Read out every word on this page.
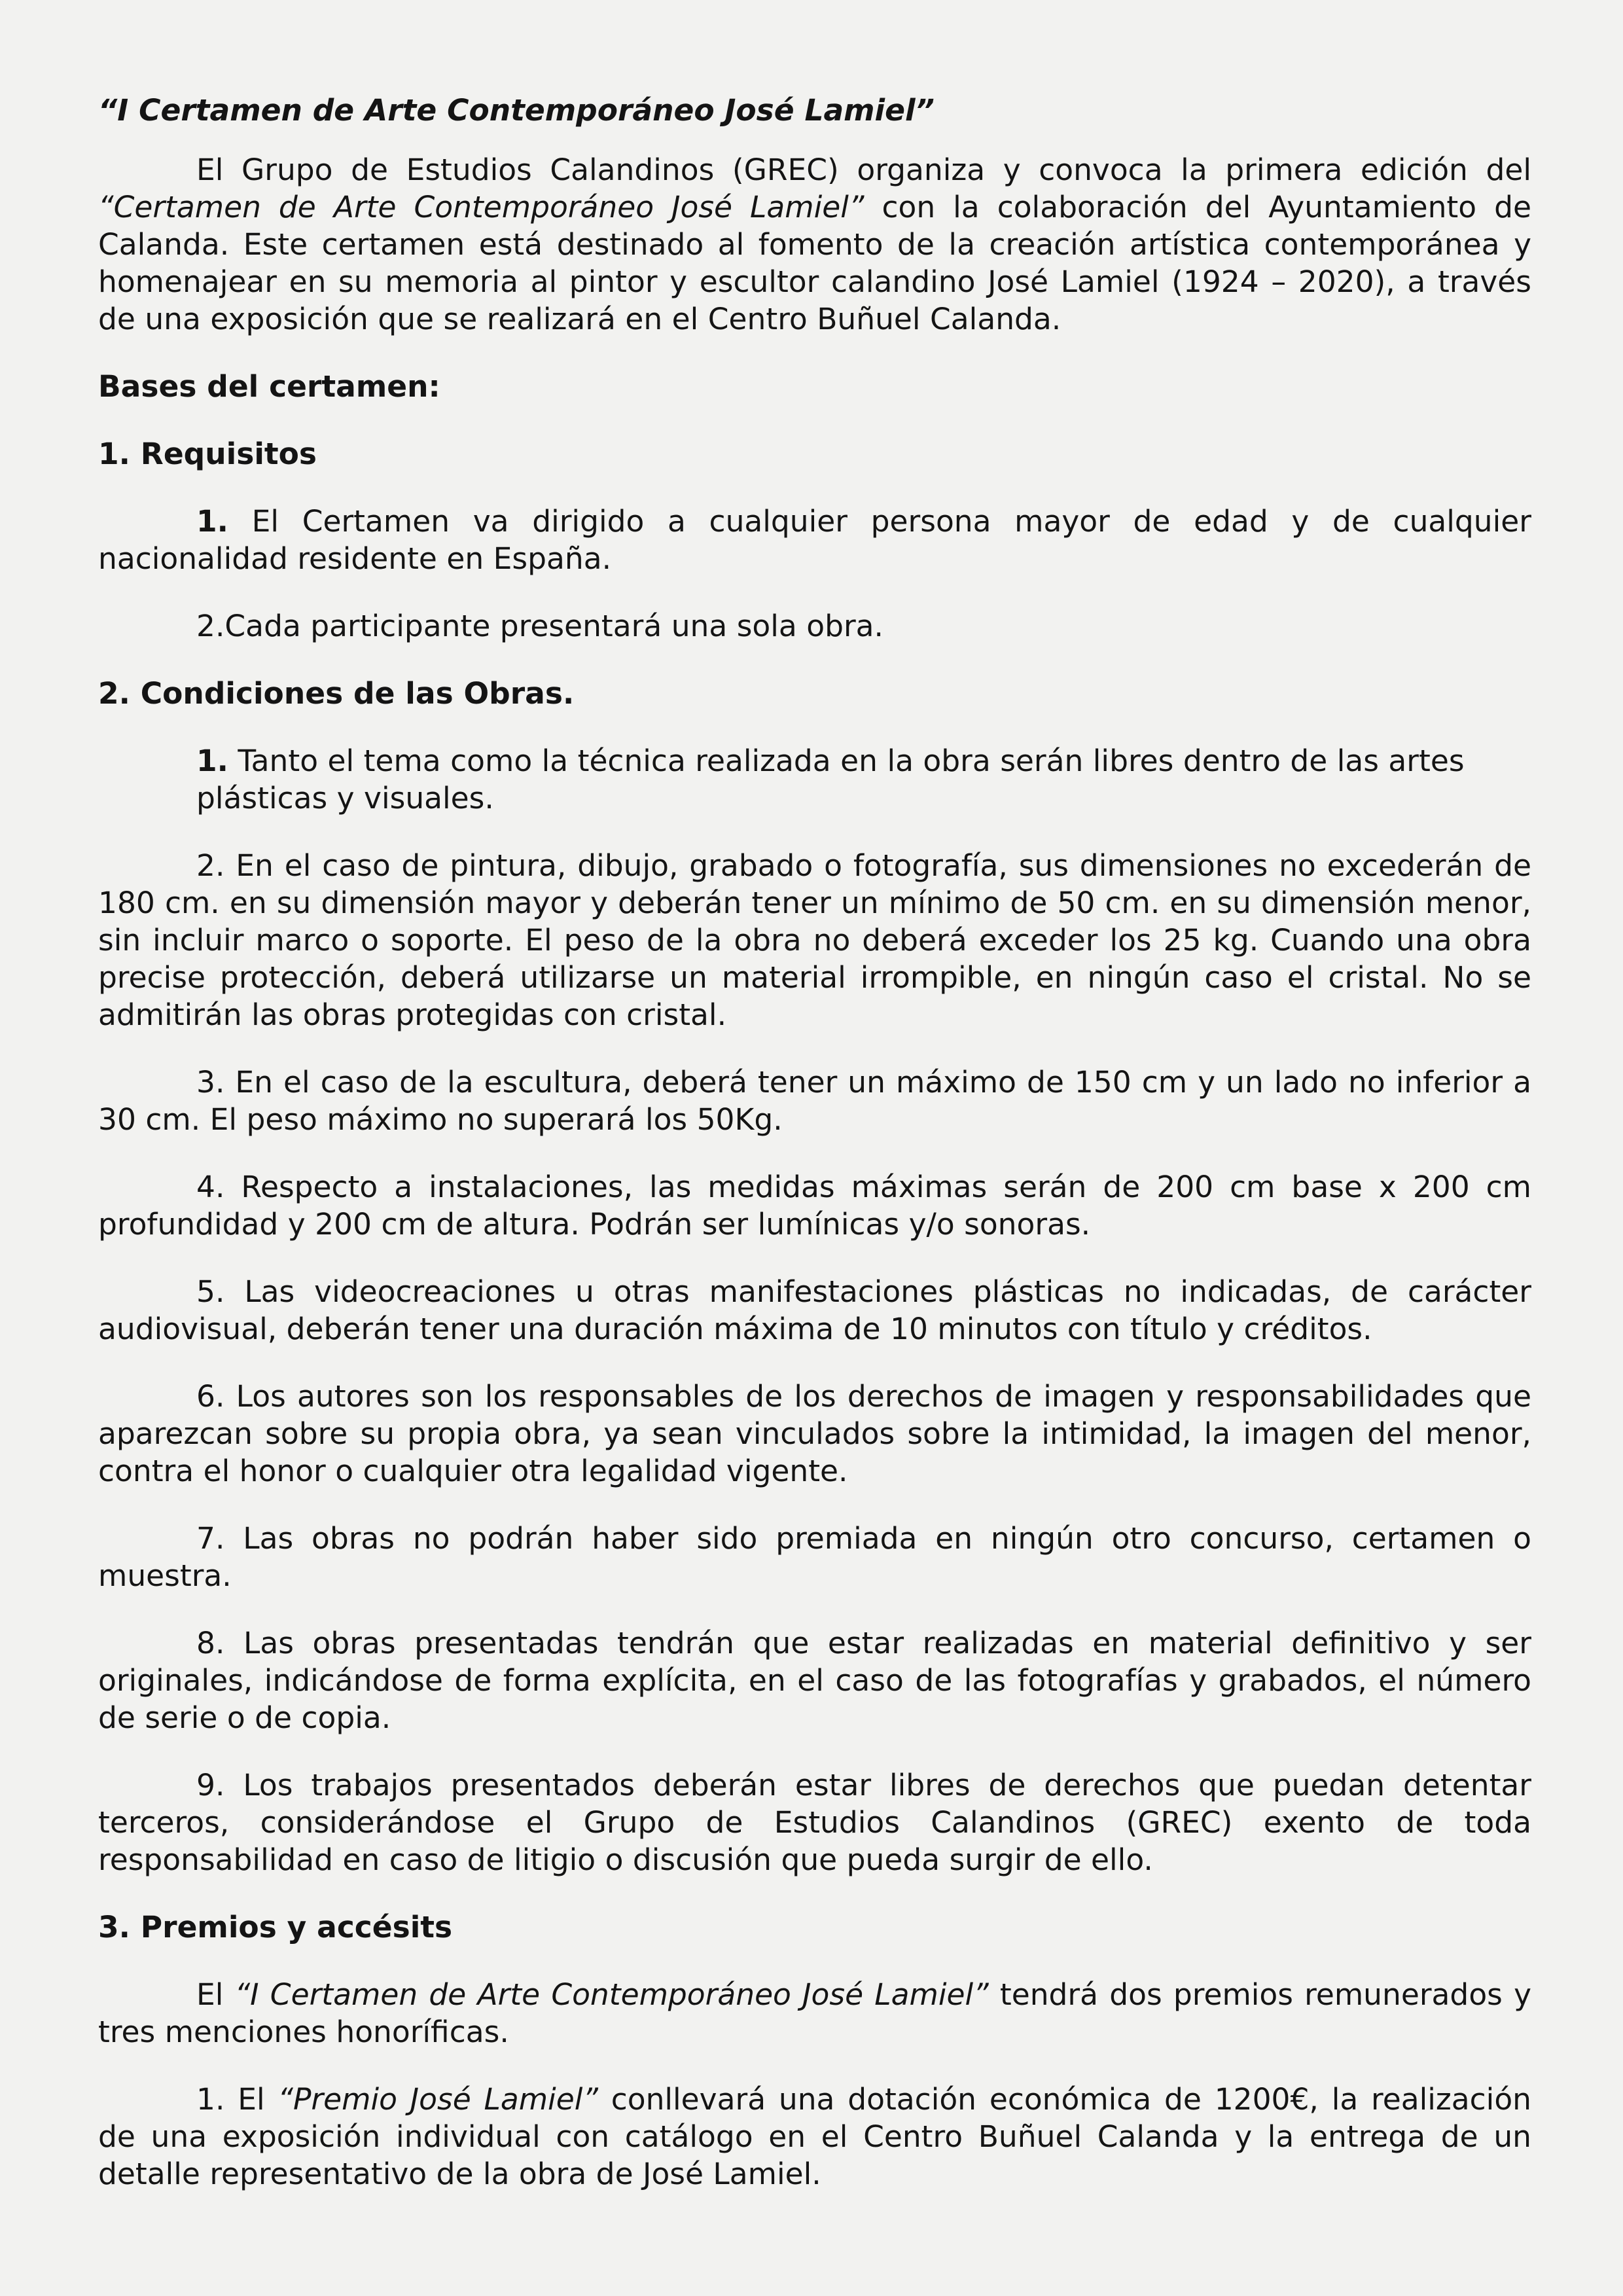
“I Certamen de Arte Contemporáneo José Lamiel”

El Grupo de Estudios Calandinos (GREC) organiza y convoca la primera edición del “Certamen de Arte Contemporáneo José Lamiel” con la colaboración del Ayuntamiento de Calanda. Este certamen está destinado al fomento de la creación artística contemporánea y homenajear en su memoria al pintor y escultor calandino José Lamiel (1924 – 2020), a través de una exposición que se realizará en el Centro Buñuel Calanda.

Bases del certamen:

1. Requisitos

1. El Certamen va dirigido a cualquier persona mayor de edad y de cualquier nacionalidad residente en España.

2.Cada participante presentará una sola obra.

2. Condiciones de las Obras.

1. Tanto el tema como la técnica realizada en la obra serán libres dentro de las artes plásticas y visuales.

2. En el caso de pintura, dibujo, grabado o fotografía, sus dimensiones no excederán de 180 cm. en su dimensión mayor y deberán tener un mínimo de 50 cm. en su dimensión menor, sin incluir marco o soporte. El peso de la obra no deberá exceder los 25 kg. Cuando una obra precise protección, deberá utilizarse un material irrompible, en ningún caso el cristal. No se admitirán las obras protegidas con cristal.

3. En el caso de la escultura, deberá tener un máximo de 150 cm y un lado no inferior a 30 cm. El peso máximo no superará los 50Kg.

4. Respecto a instalaciones, las medidas máximas serán de 200 cm base x 200 cm profundidad y 200 cm de altura. Podrán ser lumínicas y/o sonoras.

5. Las videocreaciones u otras manifestaciones plásticas no indicadas, de carácter audiovisual, deberán tener una duración máxima de 10 minutos con título y créditos.

6. Los autores son los responsables de los derechos de imagen y responsabilidades que aparezcan sobre su propia obra, ya sean vinculados sobre la intimidad, la imagen del menor, contra el honor o cualquier otra legalidad vigente.

7. Las obras no podrán haber sido premiada en ningún otro concurso, certamen o muestra.

8. Las obras presentadas tendrán que estar realizadas en material definitivo y ser originales, indicándose de forma explícita, en el caso de las fotografías y grabados, el número de serie o de copia.

9. Los trabajos presentados deberán estar libres de derechos que puedan detentar terceros, considerándose el Grupo de Estudios Calandinos (GREC) exento de toda responsabilidad en caso de litigio o discusión que pueda surgir de ello.

3. Premios y accésits

El “I Certamen de Arte Contemporáneo José Lamiel” tendrá dos premios remunerados y tres menciones honoríficas.

1. El “Premio José Lamiel” conllevará una dotación económica de 1200€, la realización de una exposición individual con catálogo en el Centro Buñuel Calanda y la entrega de un detalle representativo de la obra de José Lamiel.
